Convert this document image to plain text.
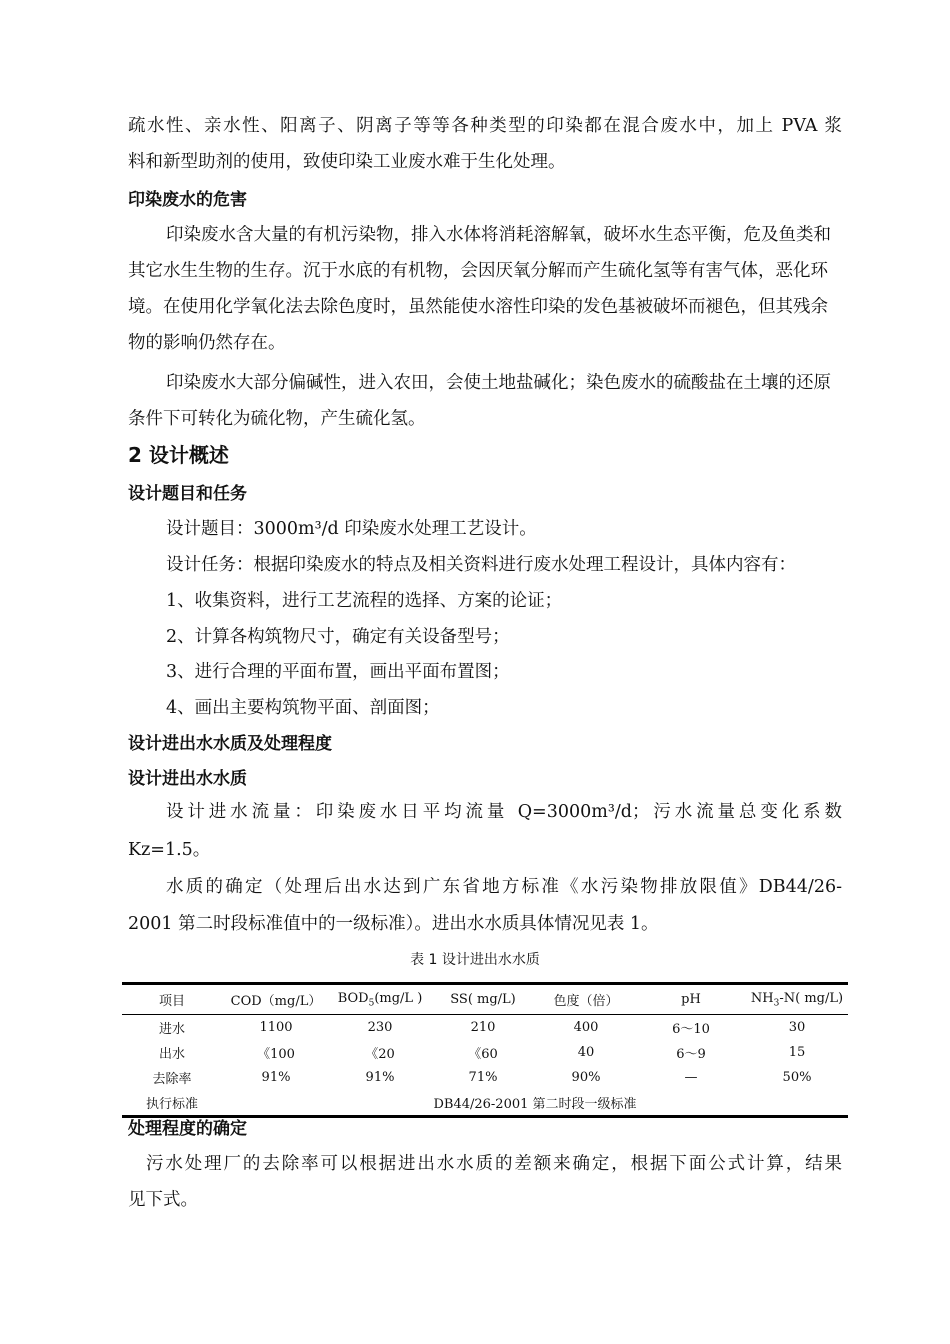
疏水性、亲水性、阳离子、阴离子等等各种类型的印染都在混合废水中，加上 PVA 浆

料和新型助剂的使用，致使印染工业废水难于生化处理。

印染废水的危害

印染废水含大量的有机污染物，排入水体将消耗溶解氧，破坏水生态平衡，危及鱼类和其它水生生物的生存。沉于水底的有机物，会因厌氧分解而产生硫化氢等有害气体，恶化环境。在使用化学氧化法去除色度时，虽然能使水溶性印染的发色基被破坏而褪色，但其残余物的影响仍然存在。

印染废水大部分偏碱性，进入农田，会使土地盐碱化；染色废水的硫酸盐在土壤的还原条件下可转化为硫化物，产生硫化氢。

2 设计概述
设计题目和任务

设计题目：3000m³/d 印染废水处理工艺设计。

设计任务：根据印染废水的特点及相关资料进行废水处理工程设计，具体内容有：

1、收集资料，进行工艺流程的选择、方案的论证；

2、计算各构筑物尺寸，确定有关设备型号；

3、进行合理的平面布置，画出平面布置图；

4、画出主要构筑物平面、剖面图；

设计进出水水质及处理程度
设计进出水水质

设计进水流量：印染废水日平均流量 Q=3000m³/d；污水流量总变化系数

Kz=1.5。

水质的确定（处理后出水达到广东省地方标准《水污染物排放限值》DB44/26-

2001 第二时段标准值中的一级标准）。进出水水质具体情况见表 1。

表 1 设计进出水水质
项目	COD（mg/L）	$BOD_5(mg/L$ )	SS( mg/L)	色度（倍）	pH	$NH_3-N$( mg/L)
进水	1100	230	210	400	6～10	30
出水	《100	《20	《60	40	6～9	15
去除率	91%	91%	71%	90%	—	50%
执行标准	DB44/26-2001 第二时段一级标准					
处理程度的确定

污水处理厂的去除率可以根据进出水水质的差额来确定，根据下面公式计算，结果

见下式。
